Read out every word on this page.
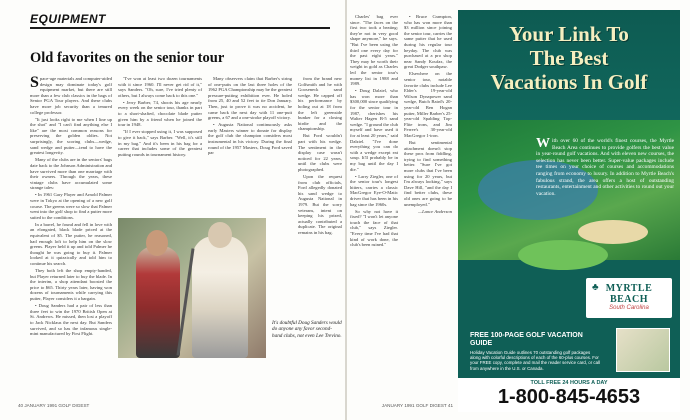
EQUIPMENT
Old favorites on the senior tour

Space-age materials and computer-aided design may dominate today's golf equipment market, but there are still more than a few club classics in the bags of Senior PGA Tour players. And these clubs have more job security than a tenured college professor.

"It just looks right to me when I line up the shot" and "I can't find anything else I like" are the most common reasons for preserving the golden oldies. Not surprisingly, the scoring clubs—wedge, sand wedge and putter—tend to have the greatest longevity.

Many of the clubs are in the seniors' bags date back to the Johnson Administration and have survived more than one marriage with their owners. Through the years, these vintage clubs have accumulated some strange tales:

• In 1961 Gary Player and Arnold Palmer were in Tokyo at the opening of a new golf course. The greens were so slow that Palmer went into the golf shop to find a putter more suited to the conditions.

In a barrel, he found and fell in love with an elongated, black blade priced at the equivalent of $5. The putter, he reasoned, had enough loft to help him on the slow greens. Player held it up and told Palmer he thought he was going to buy it. Palmer looked at it quizzically and told him to continue his search.

They both left the shop empty-handed, but Player returned later to buy the blade. In the interim, a shop attendant boosted the price to $65. Thirty years later, having won dozens of tournaments while carrying this putter, Player considers it a bargain.

• Doug Sanders had a pair of less than three feet to win the 1970 British Open at St. Andrews. He missed, then lost a playoff to Jack Nicklaus the next day. But Sanders survived, and so has the infamous single-mint manufactured by First Flight.

"I've won at least two dozen tournaments with it since 1960. I'll never get rid of it," says Sanders. "Oh, sure, I've tried plenty of others, but I always come back to this one."

• Jerry Barber, 74, shoots his age nearly every week on the senior tour, thanks in part to a short-shafted, chocolate blade putter given him by a friend when he joined the tour in 1948.

"If I ever stopped using it, I was supposed to give it back," says Barber. "Well, it's still in my bag." And it's been in his bag for a career that includes some of the greatest putting rounds in tournament history.

Many observers claim that Barber's string of one-putts on the last three holes of the 1962 PGA Championship may be the greatest pressure-putting exhibition ever. He holed from 25, 40 and 52 feet to tie Don January. Then, just to prove it was no accident, he came back the next day with 11 one-putt greens, a 67 and a one-stroke playoff victory.

• Augusta National continuously asks early Masters winner to donate for display the golf club the champion considers most instrumental in his victory. During the final round of the 1957 Masters, Doug Ford saved par

from the brand new Golfsmith and he with Gooseneck sand wedge. He capped off his performance by holing out at 18 from the left greenside bunker for a closing birdie and the championship.

But Ford wouldn't part with his wedge. The sentiment in the display case wasn't noticed for 22 years, until the clubs were photographed.

Upon the request from club officials, Ford allegedly donated his sand wedge to Augusta National in 1979. But the sorry veterans, intent on keeping his prized, actually contributed a duplicate. The original remains in his bag.

It's doubtful Doug Sanders would do anyone any favor second-hand clubs, not even Lee Trevino.
40 JANUARY 1991 GOLF DIGEST

Charles' bag ever since. "The faces on the first two took a beating; they're not in very good shape anymore," he says. "But I've been using the third one every day for the past eight years." They may be worth their weight in gold as Charles led the senior tour's money list in 1988 and 1989.

• Doug Dalziel, who has won more than $300,000 since qualifying for the senior tour in 1987, cherishes his Walter Hagen B-5 sand wedge. "I ground the club myself and have used it for at least 20 years," said Dalziel. "I've done everything you can do with a wedge except eat soup. It'll probably be in my bag until the day I die."

• Larry Ziegler, one of the senior tour's longest hitters, carries a classic MacGregor Eye-O-Matic driver that has been in his bag since the 1960s.

So why not have it fixed? "I won't let anyone touch the face of that club," says Ziegler. "Every time I've had that kind of work done, the club's been ruined."

• Bruce Crampton, who has won more than $3 million since joining the senior tour, carries the same putter that he used during his regular tour heyday. The club was purchased at a pro shop near Sandy Koufax, the great Dodger southpaw.

Elsewhere on the senior tour, notable favorite clubs include Lee Elder's 19-year-old Wilson Dynapower sand wedge, Butch Baird's 20-year-old Ben Hogan putter, Miller Barber's 25-year-old Spalding Top-Flite irons, and Jim Ferree's 30-year-old MacGregor 1-iron.

But sentimental attachment doesn't stop these pros from fiddling, trying to find something better. "Sure I've got more clubs that I've been using for 20 years, but I'm always looking," says Dave Hill, "and the day I find better clubs, these old ones are going to be unemployed."

—Lance Anderson

Your Link To
The Best
Vacations In Golf
With over 60 of the world's finest courses, the Myrtle Beach Area continues to provide golfers the best value in year-round golf vacations. And with eleven new courses, the selection has never been better. Super-value packages include tee times on your choice of courses and accommodations ranging from economy to luxury. In addition to Myrtle Beach's fabulous strand, the area offers a host of outstanding restaurants, entertainment and other activities to round out your vacation.
♣ MYRTLE BEACH
South Carolina
FREE 100-PAGE GOLF VACATION GUIDE
Holiday Vacation Guide outlines 70 outstanding golf packages along with colorful descriptions of each of the 60-plus courses. For your FREE copy, complete and mail the reader service card, or call from anywhere in the U.S. or Canada.
TOLL FREE 24 HOURS A DAY
1-800-845-4653
JANUARY 1991 GOLF DIGEST 41
